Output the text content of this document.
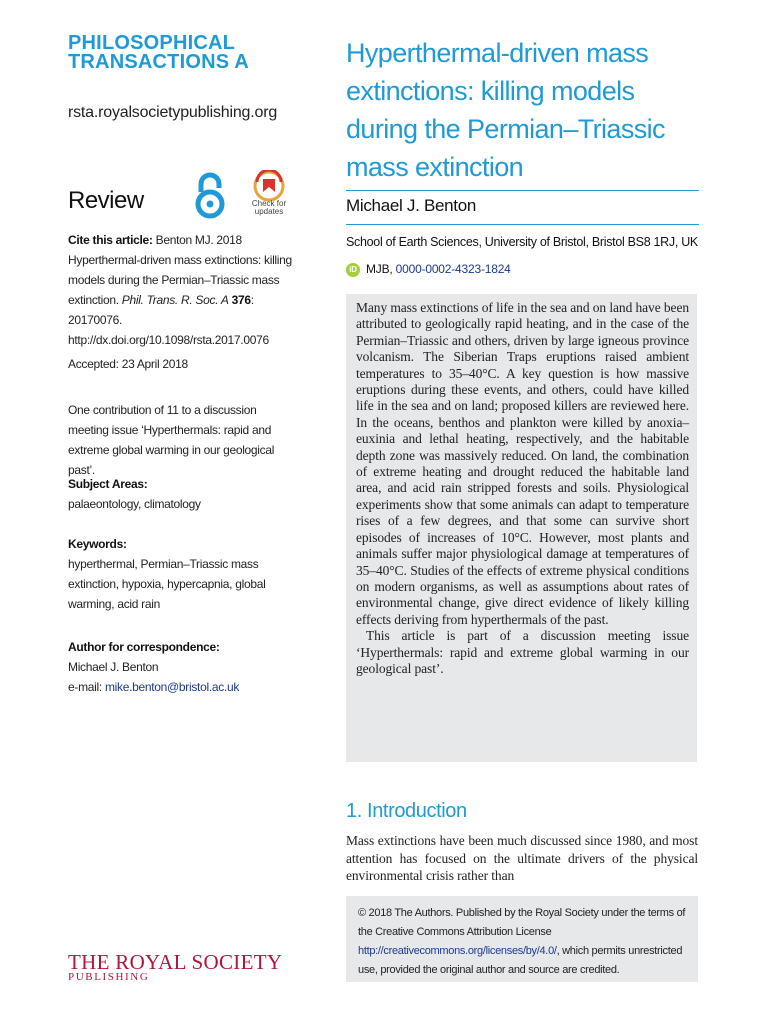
PHILOSOPHICAL
TRANSACTIONS A
rsta.royalsocietypublishing.org
Review	Check for updates
Cite this article: Benton MJ. 2018 Hyperthermal-driven mass extinctions: killing models during the Permian–Triassic mass extinction. Phil. Trans. R. Soc. A 376: 20170076.
http://dx.doi.org/10.1098/rsta.2017.0076
Accepted: 23 April 2018
One contribution of 11 to a discussion meeting issue ‘Hyperthermals: rapid and extreme global warming in our geological past’.
Subject Areas:
palaeontology, climatology
Keywords:
hyperthermal, Permian–Triassic mass extinction, hypoxia, hypercapnia, global warming, acid rain
Author for correspondence:
Michael J. Benton
e-mail: mike.benton@bristol.ac.uk
THE ROYAL SOCIETY
PUBLISHING
Hyperthermal-driven mass extinctions: killing models during the Permian–Triassic mass extinction
Michael J. Benton
School of Earth Sciences, University of Bristol, Bristol BS8 1RJ, UK
iD MJB, 0000-0002-4323-1824

Many mass extinctions of life in the sea and on land have been attributed to geologically rapid heating, and in the case of the Permian–Triassic and others, driven by large igneous province volcanism. The Siberian Traps eruptions raised ambient temperatures to 35–40°C. A key question is how massive eruptions during these events, and others, could have killed life in the sea and on land; proposed killers are reviewed here. In the oceans, benthos and plankton were killed by anoxia–euxinia and lethal heating, respectively, and the habitable depth zone was massively reduced. On land, the combination of extreme heating and drought reduced the habitable land area, and acid rain stripped forests and soils. Physiological experiments show that some animals can adapt to temperature rises of a few degrees, and that some can survive short episodes of increases of 10°C. However, most plants and animals suffer major physiological damage at temperatures of 35–40°C. Studies of the effects of extreme physical conditions on modern organisms, as well as assumptions about rates of environmental change, give direct evidence of likely killing effects deriving from hyperthermals of the past.

This article is part of a discussion meeting issue ‘Hyperthermals: rapid and extreme global warming in our geological past’.

1. Introduction
Mass extinctions have been much discussed since 1980, and most attention has focused on the ultimate drivers of the physical environmental crisis rather than
© 2018 The Authors. Published by the Royal Society under the terms of the Creative Commons Attribution License http://creativecommons.org/licenses/by/4.0/, which permits unrestricted use, provided the original author and source are credited.
